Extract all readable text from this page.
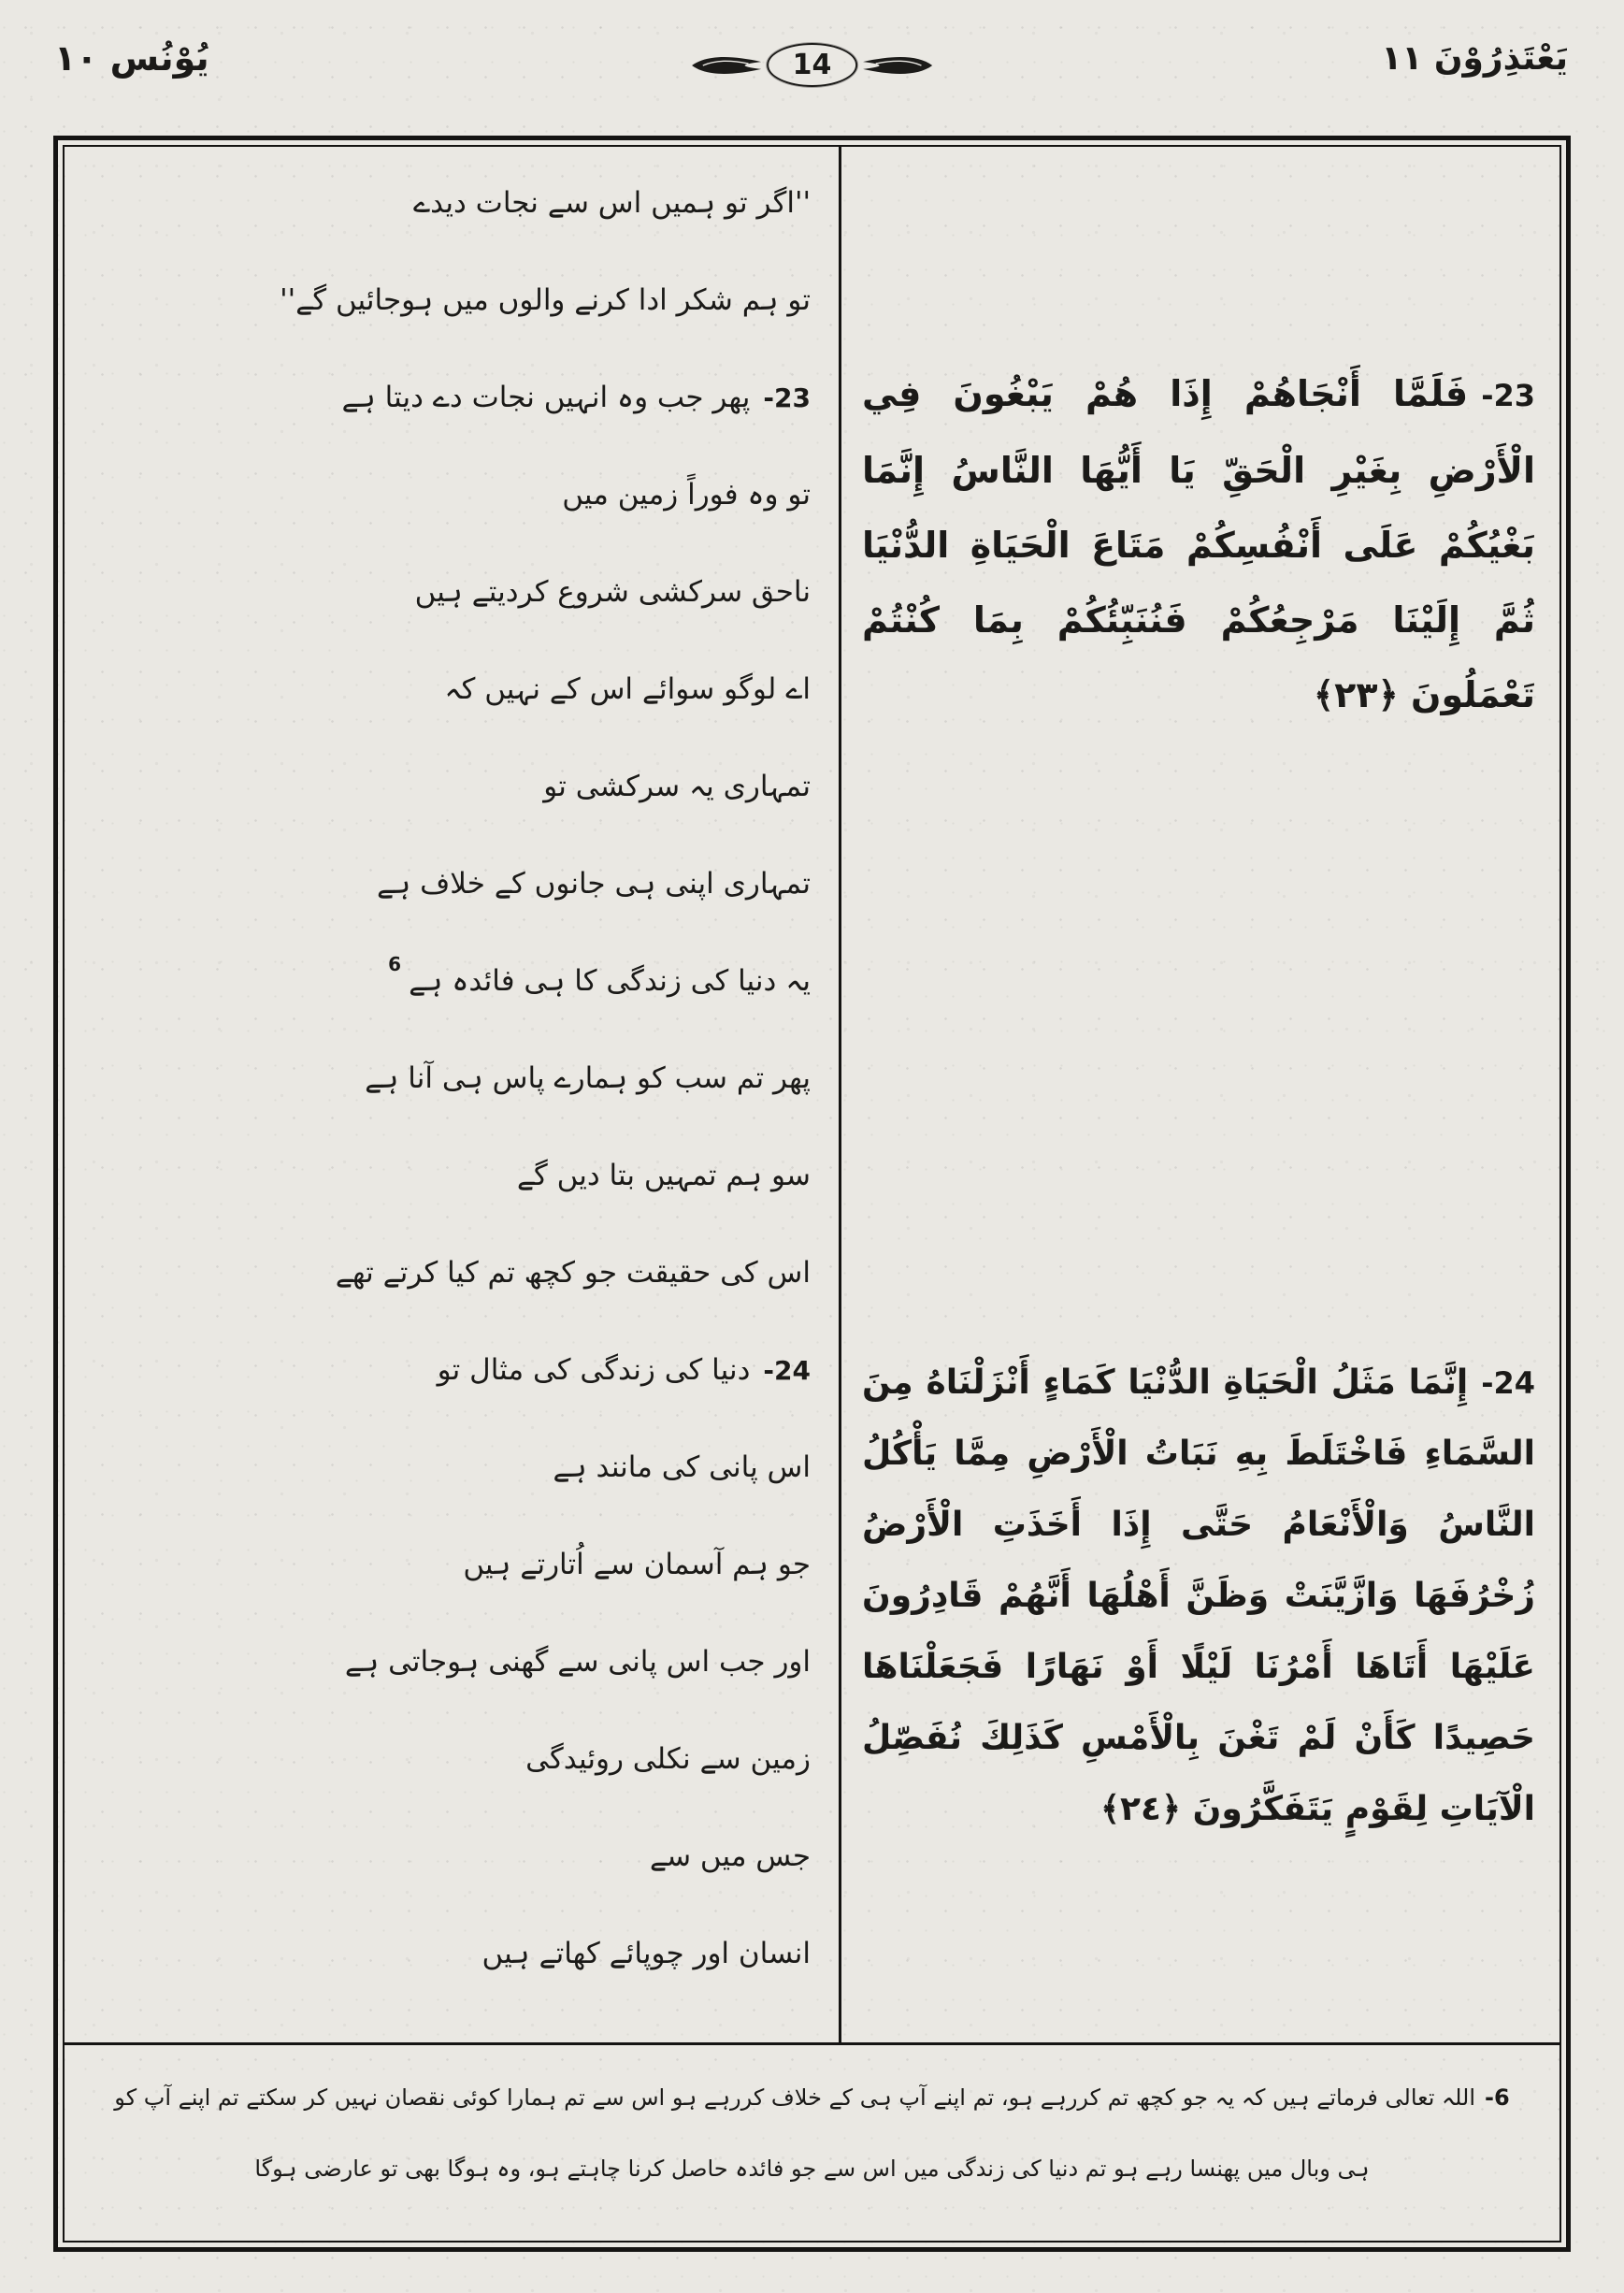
یُوْنُس ۱۰	14	یَعْتَذِرُوْنَ ۱۱
-23فَلَمَّا أَنْجَاهُمْ إِذَا هُمْ يَبْغُونَ فِي الْأَرْضِ بِغَيْرِ الْحَقِّ يَا أَيُّهَا النَّاسُ إِنَّمَا بَغْيُكُمْ عَلَى أَنْفُسِكُمْ مَتَاعَ الْحَيَاةِ الدُّنْيَا ثُمَّ إِلَيْنَا مَرْجِعُكُمْ فَنُنَبِّئُكُمْ بِمَا كُنْتُمْ تَعْمَلُونَ ﴿٢٣﴾
-24إِنَّمَا مَثَلُ الْحَيَاةِ الدُّنْيَا كَمَاءٍ أَنْزَلْنَاهُ مِنَ السَّمَاءِ فَاخْتَلَطَ بِهِ نَبَاتُ الْأَرْضِ مِمَّا يَأْكُلُ النَّاسُ وَالْأَنْعَامُ حَتَّى إِذَا أَخَذَتِ الْأَرْضُ زُخْرُفَهَا وَازَّيَّنَتْ وَظَنَّ أَهْلُهَا أَنَّهُمْ قَادِرُونَ عَلَيْهَا أَتَاهَا أَمْرُنَا لَيْلًا أَوْ نَهَارًا فَجَعَلْنَاهَا حَصِيدًا كَأَنْ لَمْ تَغْنَ بِالْأَمْسِ كَذَلِكَ نُفَصِّلُ الْآيَاتِ لِقَوْمٍ يَتَفَكَّرُونَ ﴿٢٤﴾
''اگر تو ہمیں اس سے نجات دیدے
تو ہم شکر ادا کرنے والوں میں ہوجائیں گے''
-23
پھر جب وہ انہیں نجات دے دیتا ہے
تو وہ فوراً زمین میں
ناحق سرکشی شروع کردیتے ہیں
اے لوگو سوائے اس کے نہیں کہ
تمہاری یہ سرکشی تو
تمہاری اپنی ہی جانوں کے خلاف ہے
یہ دنیا کی زندگی کا ہی فائدہ ہے
6
پھر تم سب کو ہمارے پاس ہی آنا ہے
سو ہم تمہیں بتا دیں گے
اس کی حقیقت جو کچھ تم کیا کرتے تھے
-24
دنیا کی زندگی کی مثال تو
اس پانی کی مانند ہے
جو ہم آسمان سے اُتارتے ہیں
اور جب اس پانی سے گھنی ہوجاتی ہے
زمین سے نکلی روئیدگی
جس میں سے
انسان اور چوپائے کھاتے ہیں
-6اللہ تعالی فرماتے ہیں کہ یہ جو کچھ تم کررہے ہو، تم اپنے آپ ہی کے خلاف کررہے ہو اس سے تم ہمارا کوئی نقصان نہیں کر سکتے تم اپنے آپ کو
ہی وبال میں پھنسا رہے ہو تم دنیا کی زندگی میں اس سے جو فائدہ حاصل کرنا چاہتے ہو، وہ ہوگا بھی تو عارضی ہوگا
